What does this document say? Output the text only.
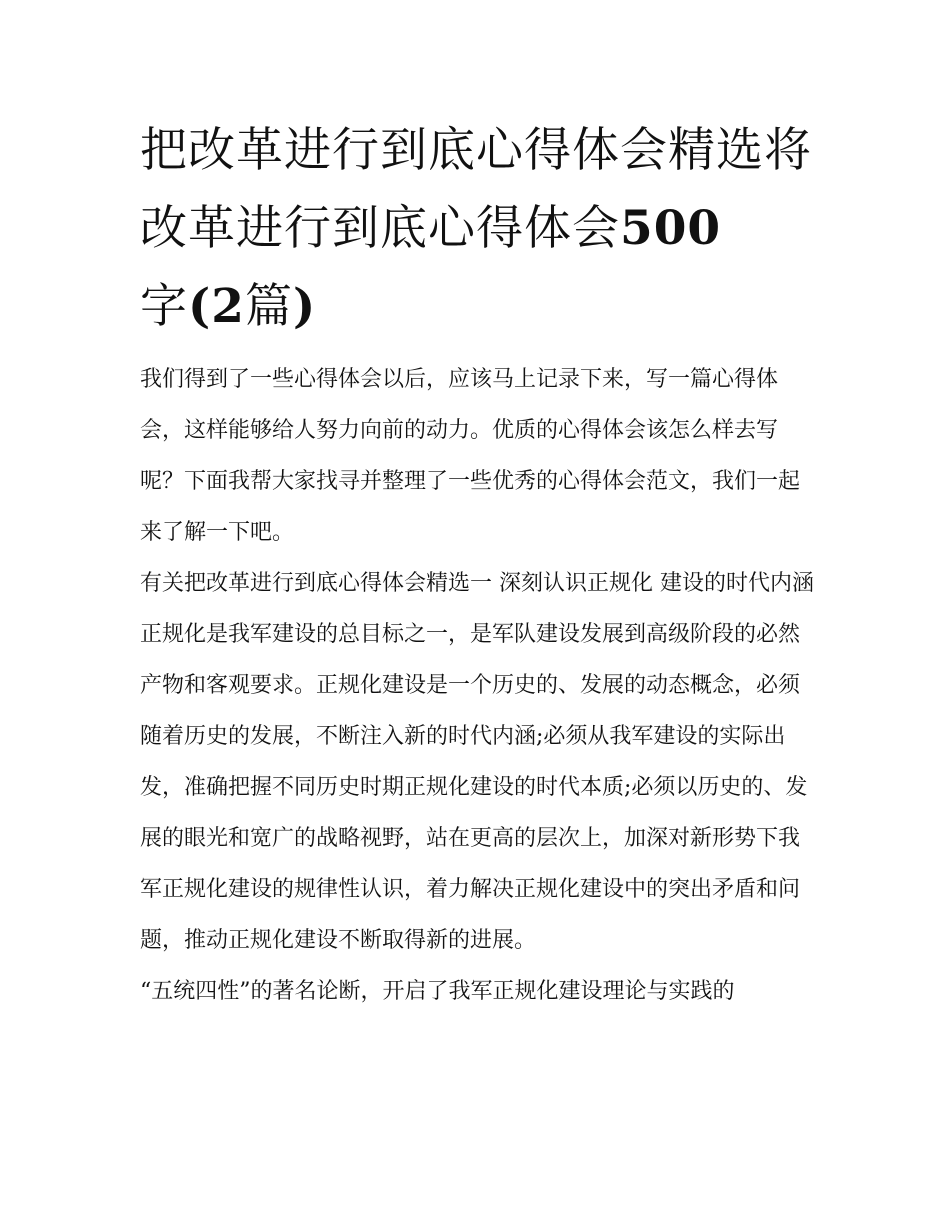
把改革进行到底心得体会精选将改革进行到底心得体会500
字(2篇)

我们得到了一些心得体会以后，应该马上记录下来，写一篇心得体会，这样能够给人努力向前的动力。优质的心得体会该怎么样去写呢？下面我帮大家找寻并整理了一些优秀的心得体会范文，我们一起来了解一下吧。

有关把改革进行到底心得体会精选一 深刻认识正规化 建设的时代内涵

正规化是我军建设的总目标之一，是军队建设发展到高级阶段的必然产物和客观要求。正规化建设是一个历史的、发展的动态概念，必须随着历史的发展，不断注入新的时代内涵;必须从我军建设的实际出发，准确把握不同历史时期正规化建设的时代本质;必须以历史的、发展的眼光和宽广的战略视野，站在更高的层次上，加深对新形势下我军正规化建设的规律性认识，着力解决正规化建设中的突出矛盾和问题，推动正规化建设不断取得新的进展。

“五统四性”的著名论断，开启了我军正规化建设理论与实践的
